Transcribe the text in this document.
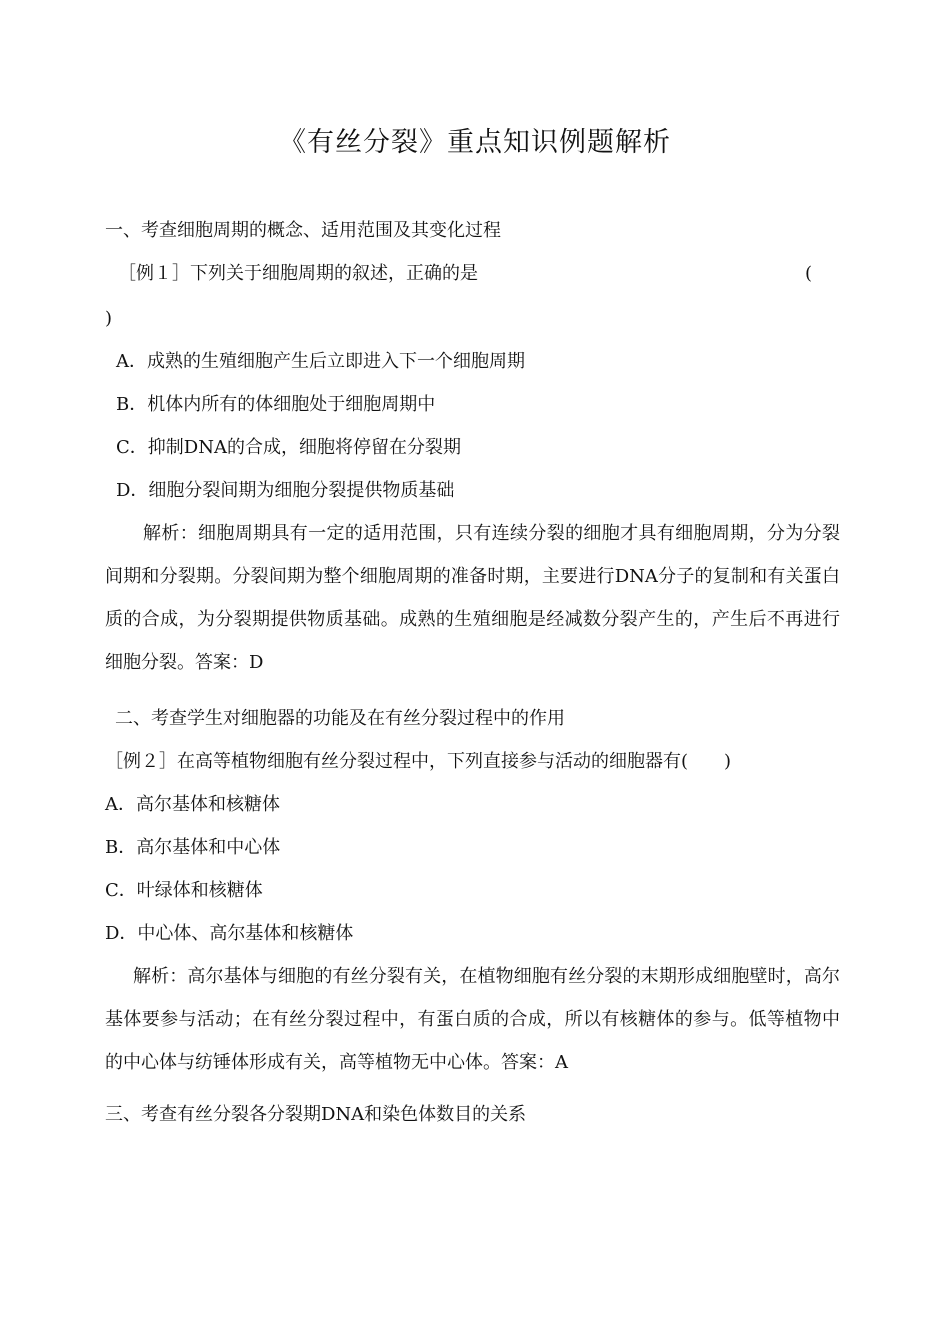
《有丝分裂》重点知识例题解析
一、考查细胞周期的概念、适用范围及其变化过程
［例１］下列关于细胞周期的叙述，正确的是	(
)
A．成熟的生殖细胞产生后立即进入下一个细胞周期
B．机体内所有的体细胞处于细胞周期中
C．抑制DNA的合成，细胞将停留在分裂期
D．细胞分裂间期为细胞分裂提供物质基础
解析：细胞周期具有一定的适用范围，只有连续分裂的细胞才具有细胞周期，分为分裂间期和分裂期。分裂间期为整个细胞周期的准备时期，主要进行DNA分子的复制和有关蛋白质的合成，为分裂期提供物质基础。成熟的生殖细胞是经减数分裂产生的，产生后不再进行细胞分裂。答案：D
二、考查学生对细胞器的功能及在有丝分裂过程中的作用
［例２］在高等植物细胞有丝分裂过程中，下列直接参与活动的细胞器有(　　)
A．高尔基体和核糖体
B．高尔基体和中心体
C．叶绿体和核糖体
D．中心体、高尔基体和核糖体
解析：高尔基体与细胞的有丝分裂有关，在植物细胞有丝分裂的末期形成细胞壁时，高尔基体要参与活动；在有丝分裂过程中，有蛋白质的合成，所以有核糖体的参与。低等植物中的中心体与纺锤体形成有关，高等植物无中心体。答案：A
三、考查有丝分裂各分裂期DNA和染色体数目的关系
